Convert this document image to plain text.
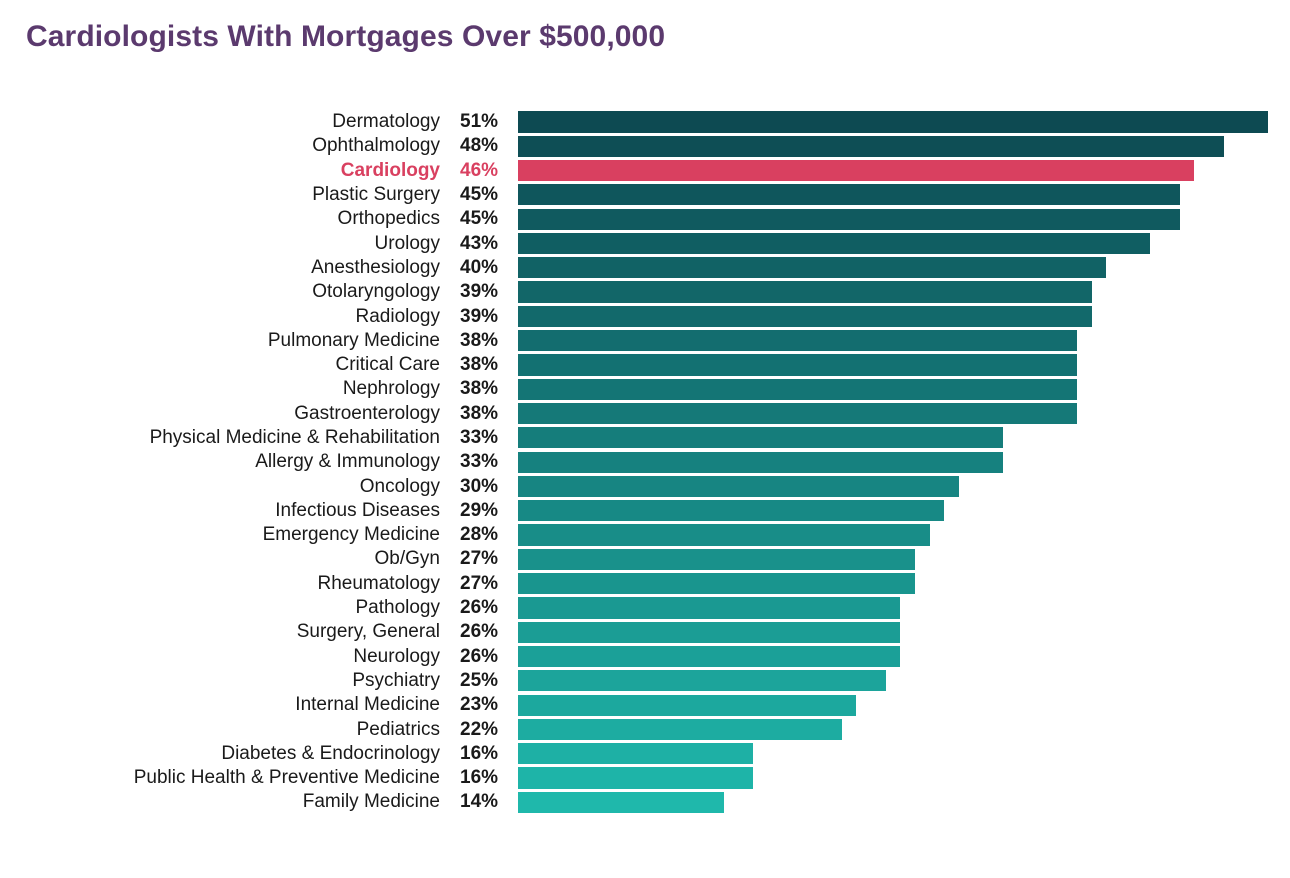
Cardiologists With Mortgages Over $500,000
Dermatology	51%
Ophthalmology	48%
Cardiology	46%
Plastic Surgery	45%
Orthopedics	45%
Urology	43%
Anesthesiology	40%
Otolaryngology	39%
Radiology	39%
Pulmonary Medicine	38%
Critical Care	38%
Nephrology	38%
Gastroenterology	38%
Physical Medicine & Rehabilitation	33%
Allergy & Immunology	33%
Oncology	30%
Infectious Diseases	29%
Emergency Medicine	28%
Ob/Gyn	27%
Rheumatology	27%
Pathology	26%
Surgery, General	26%
Neurology	26%
Psychiatry	25%
Internal Medicine	23%
Pediatrics	22%
Diabetes & Endocrinology	16%
Public Health & Preventive Medicine	16%
Family Medicine	14%
